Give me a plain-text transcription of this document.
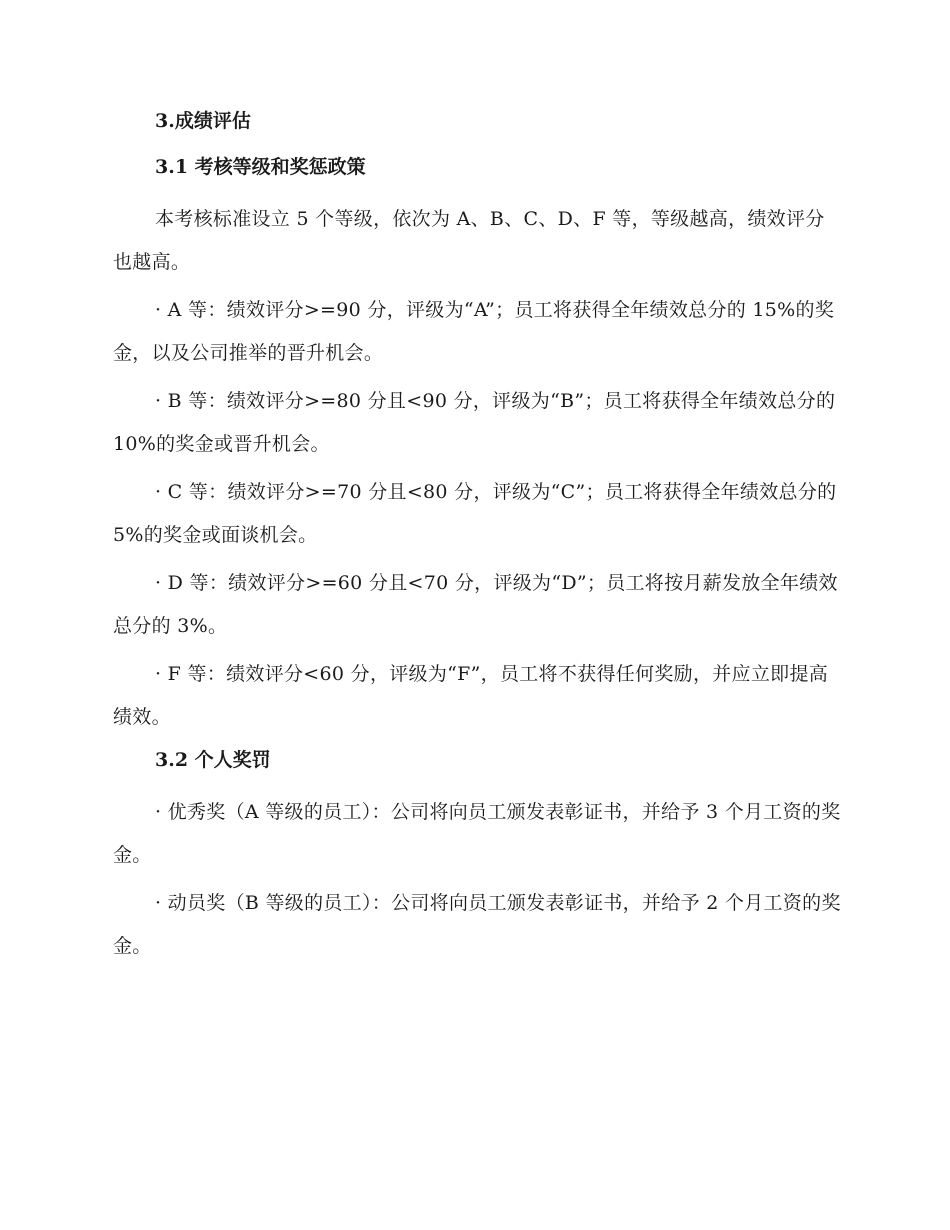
3.成绩评估
3.1 考核等级和奖惩政策
本考核标准设立 5 个等级，依次为 A、B、C、D、F 等，等级越高，绩效评分也越高。
· A 等：绩效评分>=90 分，评级为“A”；员工将获得全年绩效总分的 15%的奖金，以及公司推举的晋升机会。
· B 等：绩效评分>=80 分且<90 分，评级为“B”；员工将获得全年绩效总分的 10%的奖金或晋升机会。
· C 等：绩效评分>=70 分且<80 分，评级为“C”；员工将获得全年绩效总分的 5%的奖金或面谈机会。
· D 等：绩效评分>=60 分且<70 分，评级为“D”；员工将按月薪发放全年绩效总分的 3%。
· F 等：绩效评分<60 分，评级为“F”，员工将不获得任何奖励，并应立即提高绩效。
3.2 个人奖罚
· 优秀奖（A 等级的员工）：公司将向员工颁发表彰证书，并给予 3 个月工资的奖金。
· 动员奖（B 等级的员工）：公司将向员工颁发表彰证书，并给予 2 个月工资的奖金。
